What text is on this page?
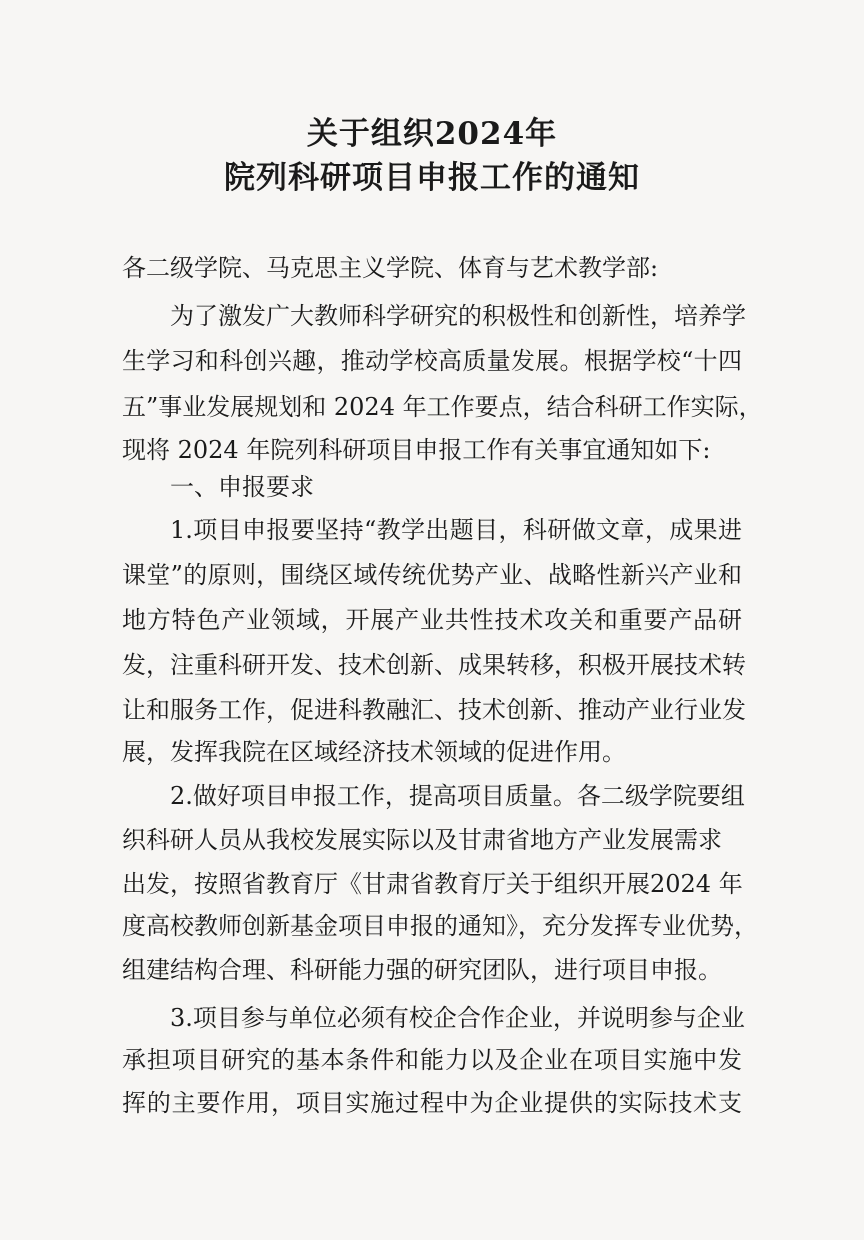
关于组织2024年
院列科研项目申报工作的通知
各二级学院、马克思主义学院、体育与艺术教学部:
为了激发广大教师科学研究的积极性和创新性，培养学
生学习和科创兴趣，推动学校高质量发展。根据学校“十四
五”事业发展规划和 2024 年工作要点，结合科研工作实际，
现将 2024 年院列科研项目申报工作有关事宜通知如下:
一、申报要求
1.项目申报要坚持“教学出题目，科研做文章，成果进
课堂”的原则，围绕区域传统优势产业、战略性新兴产业和
地方特色产业领域，开展产业共性技术攻关和重要产品研
发，注重科研开发、技术创新、成果转移，积极开展技术转
让和服务工作，促进科教融汇、技术创新、推动产业行业发
展，发挥我院在区域经济技术领域的促进作用。
2.做好项目申报工作，提高项目质量。各二级学院要组
织科研人员从我校发展实际以及甘肃省地方产业发展需求
出发，按照省教育厅《甘肃省教育厅关于组织开展2024 年
度高校教师创新基金项目申报的通知》，充分发挥专业优势，
组建结构合理、科研能力强的研究团队，进行项目申报。
3.项目参与单位必须有校企合作企业，并说明参与企业
承担项目研究的基本条件和能力以及企业在项目实施中发
挥的主要作用，项目实施过程中为企业提供的实际技术支
